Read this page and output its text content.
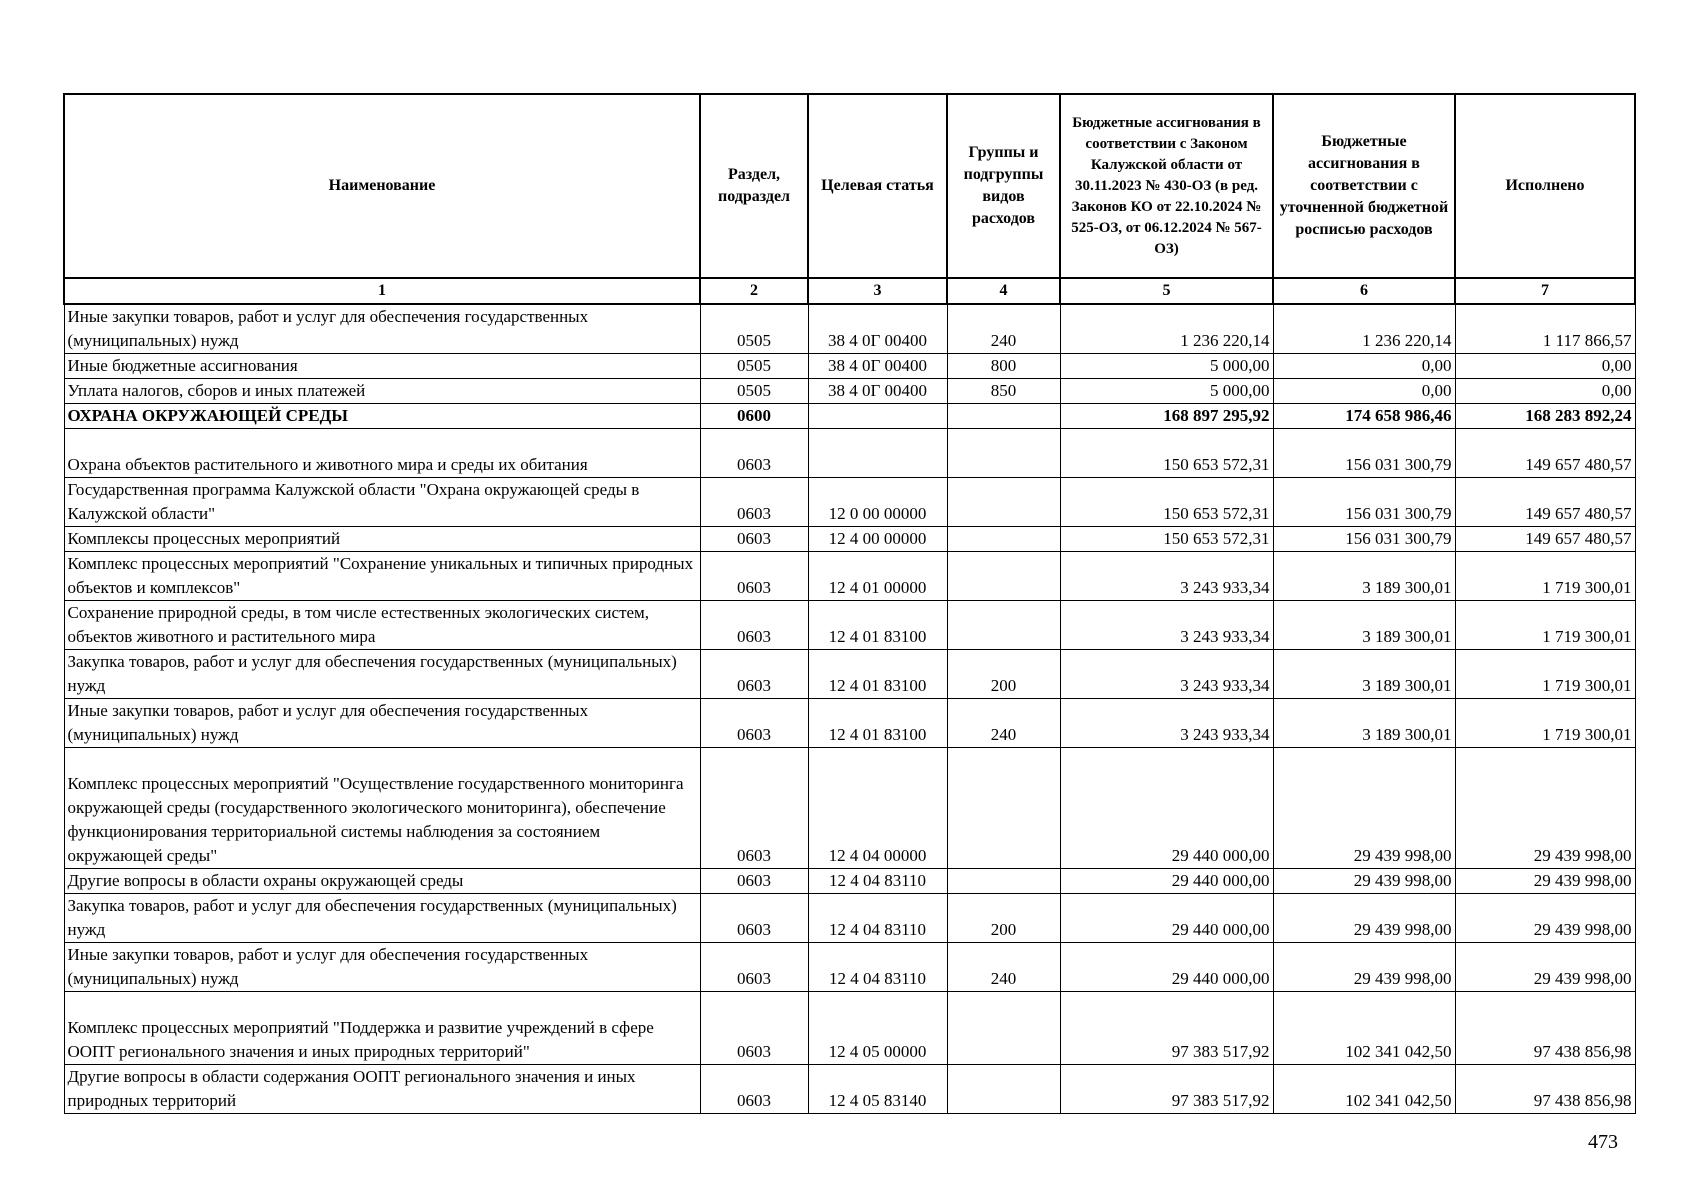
Наименование	Раздел, подраздел	Целевая статья	Группы и подгруппы видов расходов	Бюджетные ассигнования в соответствии с Законом Калужской области от 30.11.2023 № 430-ОЗ (в ред. Законов КО от 22.10.2024 № 525-ОЗ, от 06.12.2024 № 567-ОЗ)	Бюджетные ассигнования в соответствии с уточненной бюджетной росписью расходов	Исполнено
1	2	3	4	5	6	7
Иные закупки товаров, работ и услуг для обеспечения государственных (муниципальных) нужд	0505	38 4 0Г 00400	240	1 236 220,14	1 236 220,14	1 117 866,57
Иные бюджетные ассигнования	0505	38 4 0Г 00400	800	5 000,00	0,00	0,00
Уплата налогов, сборов и иных платежей	0505	38 4 0Г 00400	850	5 000,00	0,00	0,00
ОХРАНА ОКРУЖАЮЩЕЙ СРЕДЫ	0600			168 897 295,92	174 658 986,46	168 283 892,24
Охрана объектов растительного и животного мира и среды их обитания	0603			150 653 572,31	156 031 300,79	149 657 480,57
Государственная программа Калужской области "Охрана окружающей среды в Калужской области"	0603	12 0 00 00000		150 653 572,31	156 031 300,79	149 657 480,57
Комплексы процессных мероприятий	0603	12 4 00 00000		150 653 572,31	156 031 300,79	149 657 480,57
Комплекс процессных мероприятий "Сохранение уникальных и типичных природных объектов и комплексов"	0603	12 4 01 00000		3 243 933,34	3 189 300,01	1 719 300,01
Сохранение природной среды, в том числе естественных экологических систем, объектов животного и растительного мира	0603	12 4 01 83100		3 243 933,34	3 189 300,01	1 719 300,01
Закупка товаров, работ и услуг для обеспечения государственных (муниципальных) нужд	0603	12 4 01 83100	200	3 243 933,34	3 189 300,01	1 719 300,01
Иные закупки товаров, работ и услуг для обеспечения государственных (муниципальных) нужд	0603	12 4 01 83100	240	3 243 933,34	3 189 300,01	1 719 300,01
Комплекс процессных мероприятий "Осуществление государственного мониторинга окружающей среды (государственного экологического мониторинга), обеспечение функционирования территориальной системы наблюдения за состоянием окружающей среды"	0603	12 4 04 00000		29 440 000,00	29 439 998,00	29 439 998,00
Другие вопросы в области охраны окружающей среды	0603	12 4 04 83110		29 440 000,00	29 439 998,00	29 439 998,00
Закупка товаров, работ и услуг для обеспечения государственных (муниципальных) нужд	0603	12 4 04 83110	200	29 440 000,00	29 439 998,00	29 439 998,00
Иные закупки товаров, работ и услуг для обеспечения государственных (муниципальных) нужд	0603	12 4 04 83110	240	29 440 000,00	29 439 998,00	29 439 998,00
Комплекс процессных мероприятий "Поддержка и развитие учреждений в сфере ООПТ регионального значения и иных природных территорий"	0603	12 4 05 00000		97 383 517,92	102 341 042,50	97 438 856,98
Другие вопросы в области содержания ООПТ регионального значения и иных природных территорий	0603	12 4 05 83140		97 383 517,92	102 341 042,50	97 438 856,98
473
